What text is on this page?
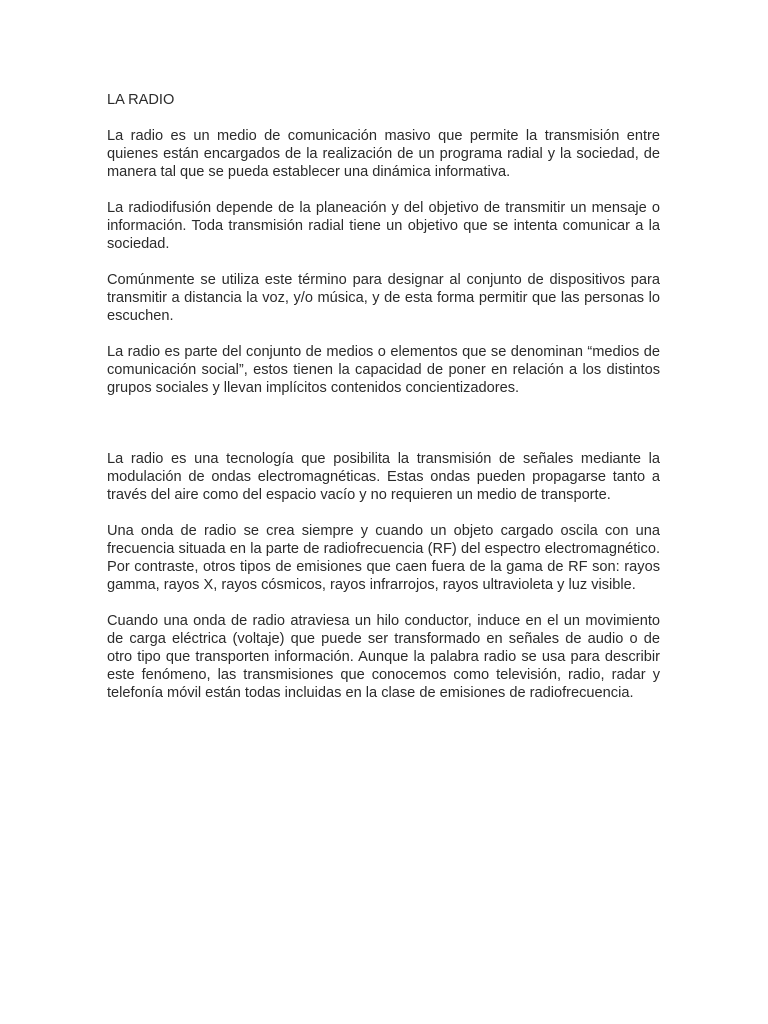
LA RADIO

La radio es un medio de comunicación masivo que permite la transmisión entre quienes están encargados de la realización de un programa radial y la sociedad, de manera tal que se pueda establecer una dinámica informativa.

La radiodifusión depende de la planeación y del objetivo de transmitir un mensaje o información. Toda transmisión radial tiene un objetivo que se intenta comunicar a la sociedad.

Comúnmente se utiliza este término para designar al conjunto de dispositivos para transmitir a distancia la voz, y/o música, y de esta forma permitir que las personas lo escuchen.

La radio es parte del conjunto de medios o elementos que se denominan “medios de comunicación social”, estos tienen la capacidad de poner en relación a los distintos grupos sociales y llevan implícitos contenidos concientizadores.

La radio es una tecnología que posibilita la transmisión de señales mediante la modulación de ondas electromagnéticas. Estas ondas pueden propagarse tanto a través del aire como del espacio vacío y no requieren un medio de transporte.

Una onda de radio se crea siempre y cuando un objeto cargado oscila con una frecuencia situada en la parte de radiofrecuencia (RF) del espectro electromagnético. Por contraste, otros tipos de emisiones que caen fuera de la gama de RF son: rayos gamma, rayos X, rayos cósmicos, rayos infrarrojos, rayos ultravioleta y luz visible.

Cuando una onda de radio atraviesa un hilo conductor, induce en el un movimiento de carga eléctrica (voltaje) que puede ser transformado en señales de audio o de otro tipo que transporten información. Aunque la palabra radio se usa para describir este fenómeno, las transmisiones que conocemos como televisión, radio, radar y telefonía móvil están todas incluidas en la clase de emisiones de radiofrecuencia.
